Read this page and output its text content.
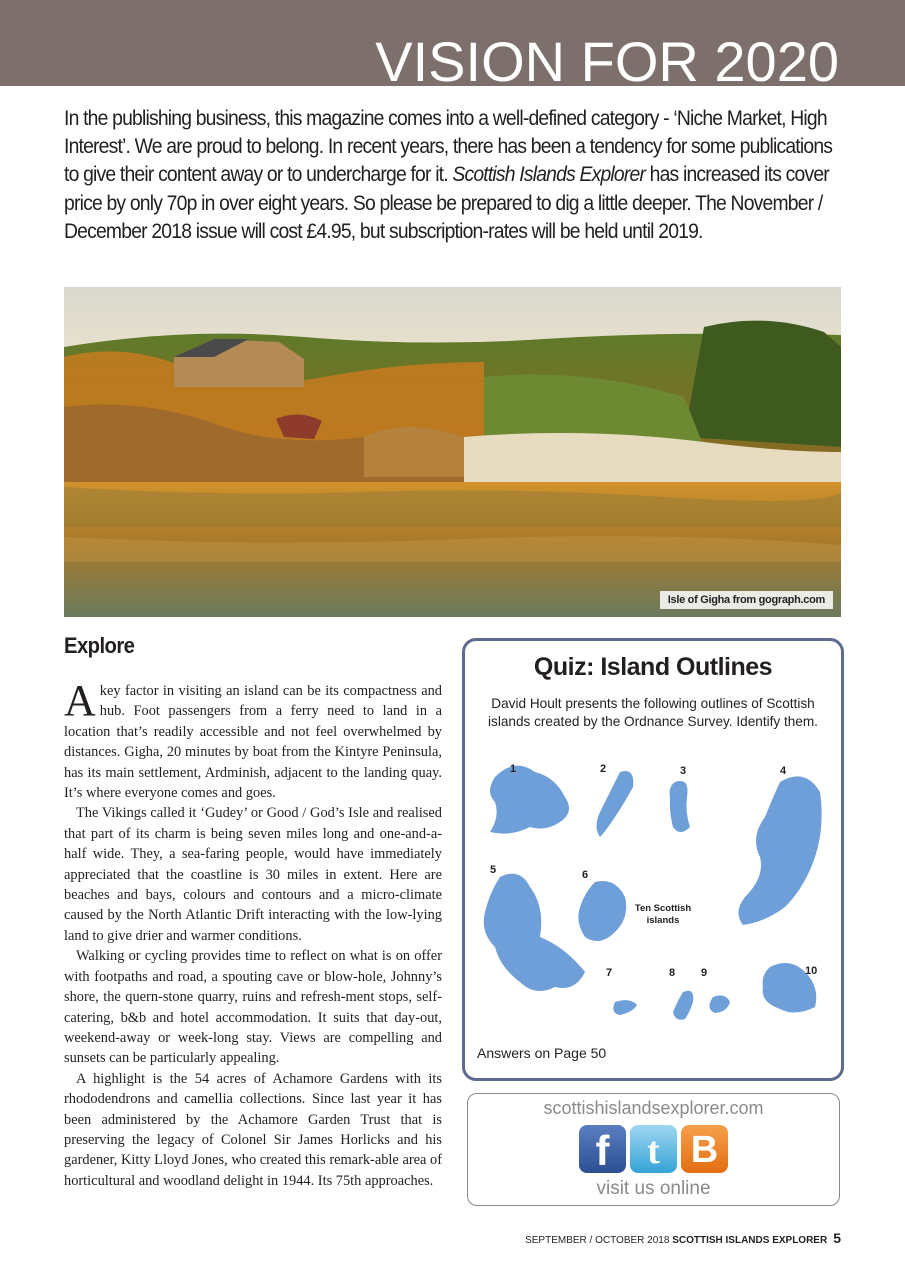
VISION FOR 2020
In the publishing business, this magazine comes into a well-defined category - ‘Niche Market, High Interest’. We are proud to belong. In recent years, there has been a tendency for some publications to give their content away or to undercharge for it. Scottish Islands Explorer has increased its cover price by only 70p in over eight years. So please be prepared to dig a little deeper. The November / December 2018 issue will cost £4.95, but subscription-rates will be held until 2019.
Isle of Gigha from gograph.com
Explore

Akey factor in visiting an island can be its compactness and hub. Foot passengers from a ferry need to land in a location that’s readily accessible and not feel overwhelmed by distances. Gigha, 20 minutes by boat from the Kintyre Peninsula, has its main settlement, Ardminish, adjacent to the landing quay. It’s where everyone comes and goes.

The Vikings called it ‘Gudey’ or Good / God’s Isle and realised that part of its charm is being seven miles long and one-and-a-half wide. They, a sea-faring people, would have immediately appreciated that the coastline is 30 miles in extent. Here are beaches and bays, colours and contours and a micro-climate caused by the North Atlantic Drift interacting with the low-lying land to give drier and warmer conditions.

Walking or cycling provides time to reflect on what is on offer with footpaths and road, a spouting cave or blow-hole, Johnny’s shore, the quern-stone quarry, ruins and refresh-ment stops, self-catering, b&b and hotel accommodation. It suits that day-out, weekend-away or week-long stay. Views are compelling and sunsets can be particularly appealing.

A highlight is the 54 acres of Achamore Gardens with its rhododendrons and camellia collections. Since last year it has been administered by the Achamore Garden Trust that is preserving the legacy of Colonel Sir James Horlicks and his gardener, Kitty Lloyd Jones, who created this remark-able area of horticultural and woodland delight in 1944. Its 75th approaches.

Quiz: Island Outlines
David Hoult presents the following outlines of Scottish islands created by the Ordnance Survey. Identify them.
1	2	3	4
5	6
7	8 9	10
Ten Scottish
islands
Answers on Page 50
scottishislandsexplorer.com
f t B
visit us online
SEPTEMBER / OCTOBER 2018 SCOTTISH ISLANDS EXPLORER 5
